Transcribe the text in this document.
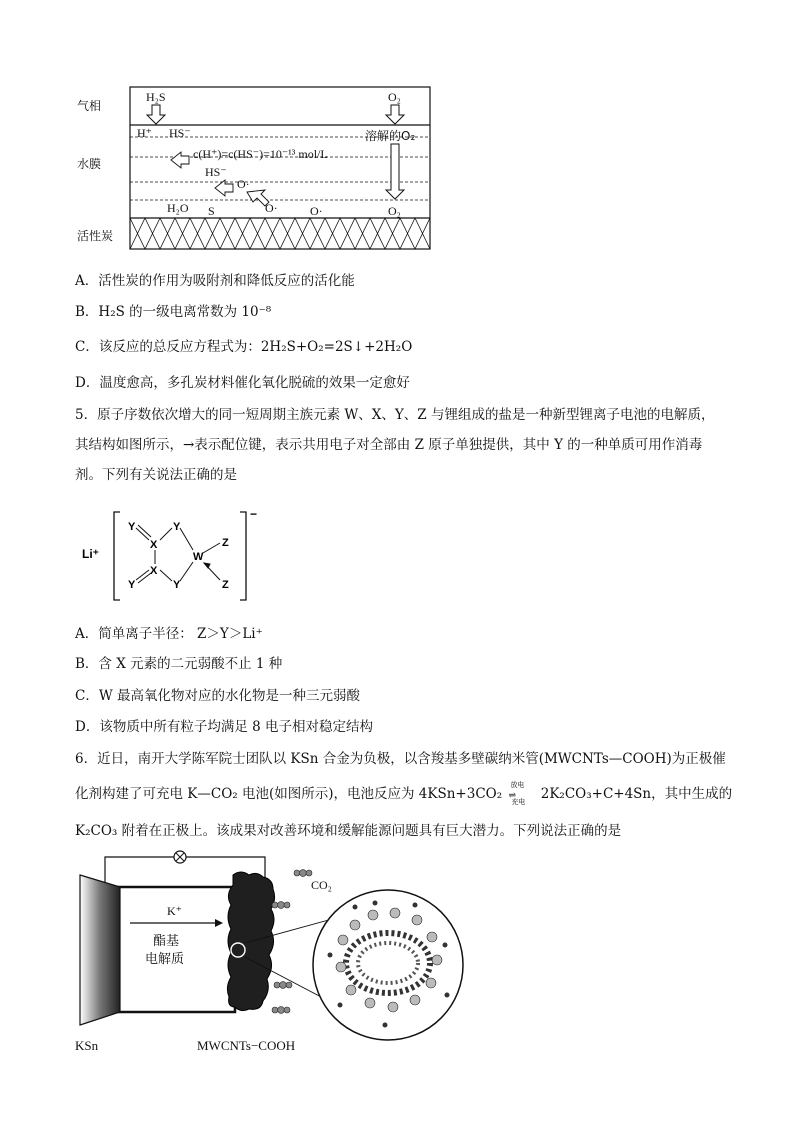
气相
水膜
活性炭
H₂S	O₂
H⁺ HS⁻	溶解的O₂
c(H⁺)=c(HS⁻)=10⁻¹³ mol/L
HS⁻
O·
H₂O S	O·	O·	O₂
A．活性炭的作用为吸附剂和降低反应的活化能
B．H₂S 的一级电离常数为 10⁻⁸
C．该反应的总反应方程式为：2H₂S+O₂=2S↓+2H₂O
D．温度愈高，多孔炭材料催化氧化脱硫的效果一定愈好
5．原子序数依次增大的同一短周期主族元素 W、X、Y、Z 与锂组成的盐是一种新型锂离子电池的电解质，
其结构如图所示，→表示配位键，表示共用电子对全部由 Z 原子单独提供，其中 Y 的一种单质可用作消毒
剂。下列有关说法正确的是
Li⁺
−
Y	Y
X
W
Z
X
Y	Y	Z
A．简单离子半径： Z＞Y＞Li⁺
B．含 X 元素的二元弱酸不止 1 种
C．W 最高氧化物对应的水化物是一种三元弱酸
D．该物质中所有粒子均满足 8 电子相对稳定结构
6．近日，南开大学陈军院士团队以 KSn 合金为负极，以含羧基多壁碳纳米管(MWCNTs—COOH)为正极催
化剂构建了可充电 K—CO₂ 电池(如图所示)，电池反应为 4KSn+3CO₂
放电
⇌
充电 2K₂CO₃+C+4Sn，其中生成的
K₂CO₃ 附着在正极上。该成果对改善环境和缓解能源问题具有巨大潜力。下列说法正确的是
K⁺
酯基
电解质
CO₂
KSn	MWCNTs−COOH
